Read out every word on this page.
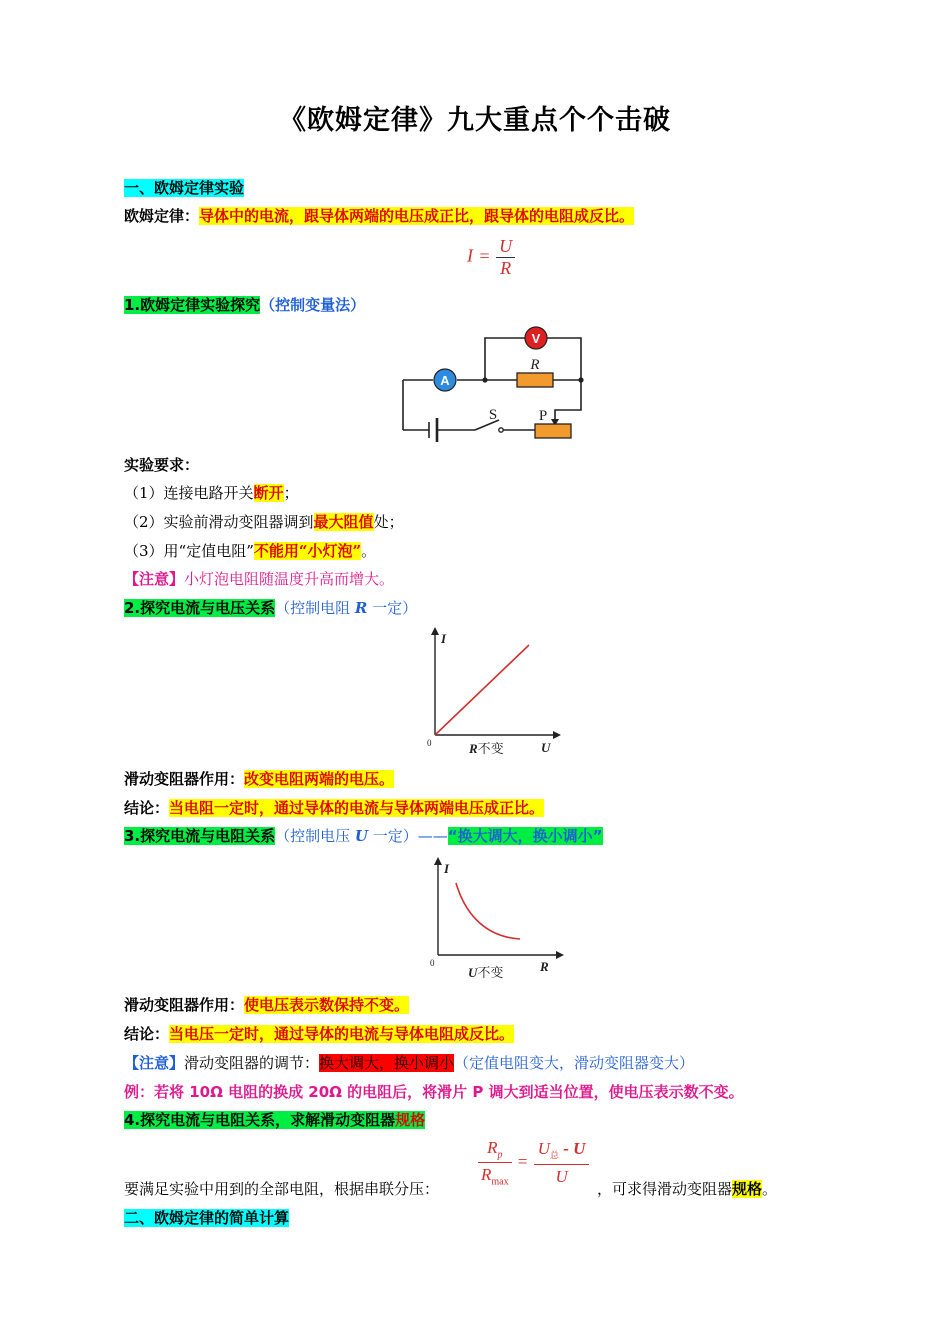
《欧姆定律》九大重点个个击破
一、欧姆定律实验
欧姆定律：导体中的电流，跟导体两端的电压成正比，跟导体的电阻成反比。
$I = \frac{U}{R}$
1.欧姆定律实验探究（控制变量法）
V
A
R
P
S
实验要求：
（1）连接电路开关断开；
（2）实验前滑动变阻器调到最大阻值处；
（3）用“定值电阻”不能用“小灯泡”。
【注意】小灯泡电阻随温度升高而增大。
2.探究电流与电压关系（控制电阻 R 一定）
I
U
0	R不变
滑动变阻器作用：改变电阻两端的电压。
结论：当电阻一定时，通过导体的电流与导体两端电压成正比。
3.探究电流与电阻关系（控制电压 U 一定）——“换大调大，换小调小”
I
R
0
U不变
滑动变阻器作用：使电压表示数保持不变。
结论：当电压一定时，通过导体的电流与导体电阻成反比。
【注意】滑动变阻器的调节：换大调大，换小调小（定值电阻变大，滑动变阻器变大）
例：若将 10Ω 电阻的换成 20Ω 的电阻后，将滑片 P 调大到适当位置，使电压表示数不变。
4.探究电流与电阻关系，求解滑动变阻器规格
$\frac{R_p}{R_{max}} = \frac{U_总 - U}{U}$
要满足实验中用到的全部电阻，根据串联分压：	，可求得滑动变阻器规格。
二、欧姆定律的简单计算
